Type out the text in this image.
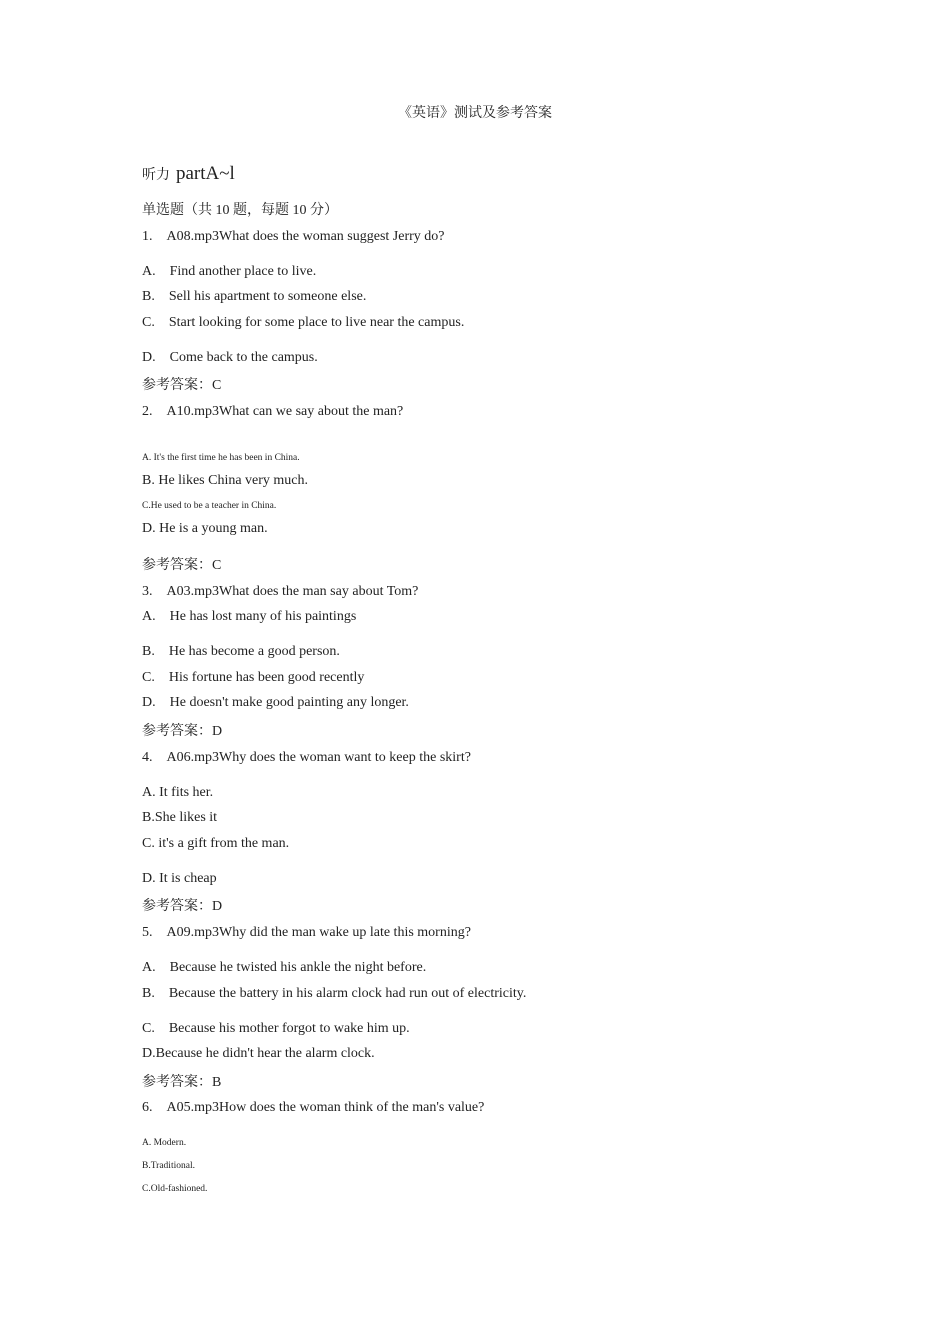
《英语》测试及参考答案
听力 partA~l
单选题（共 10 题，每题 10 分）
1. A08.mp3What does the woman suggest Jerry do?
A. Find another place to live.
B. Sell his apartment to someone else.
C. Start looking for some place to live near the campus.
D. Come back to the campus.
参考答案：C
2. A10.mp3What can we say about the man?
A. It's the first time he has been in China.
B. He likes China very much.
C.He used to be a teacher in China.
D. He is a young man.
参考答案：C
3. A03.mp3What does the man say about Tom?
A. He has lost many of his paintings
B. He has become a good person.
C. His fortune has been good recently
D. He doesn't make good painting any longer.
参考答案：D
4. A06.mp3Why does the woman want to keep the skirt?
A. It fits her.
B.She likes it
C. it's a gift from the man.
D. It is cheap
参考答案：D
5. A09.mp3Why did the man wake up late this morning?
A. Because he twisted his ankle the night before.
B. Because the battery in his alarm clock had run out of electricity.
C. Because his mother forgot to wake him up.
D.Because he didn't hear the alarm clock.
参考答案：B
6. A05.mp3How does the woman think of the man's value?
A. Modern.
B.Traditional.
C.Old-fashioned.
